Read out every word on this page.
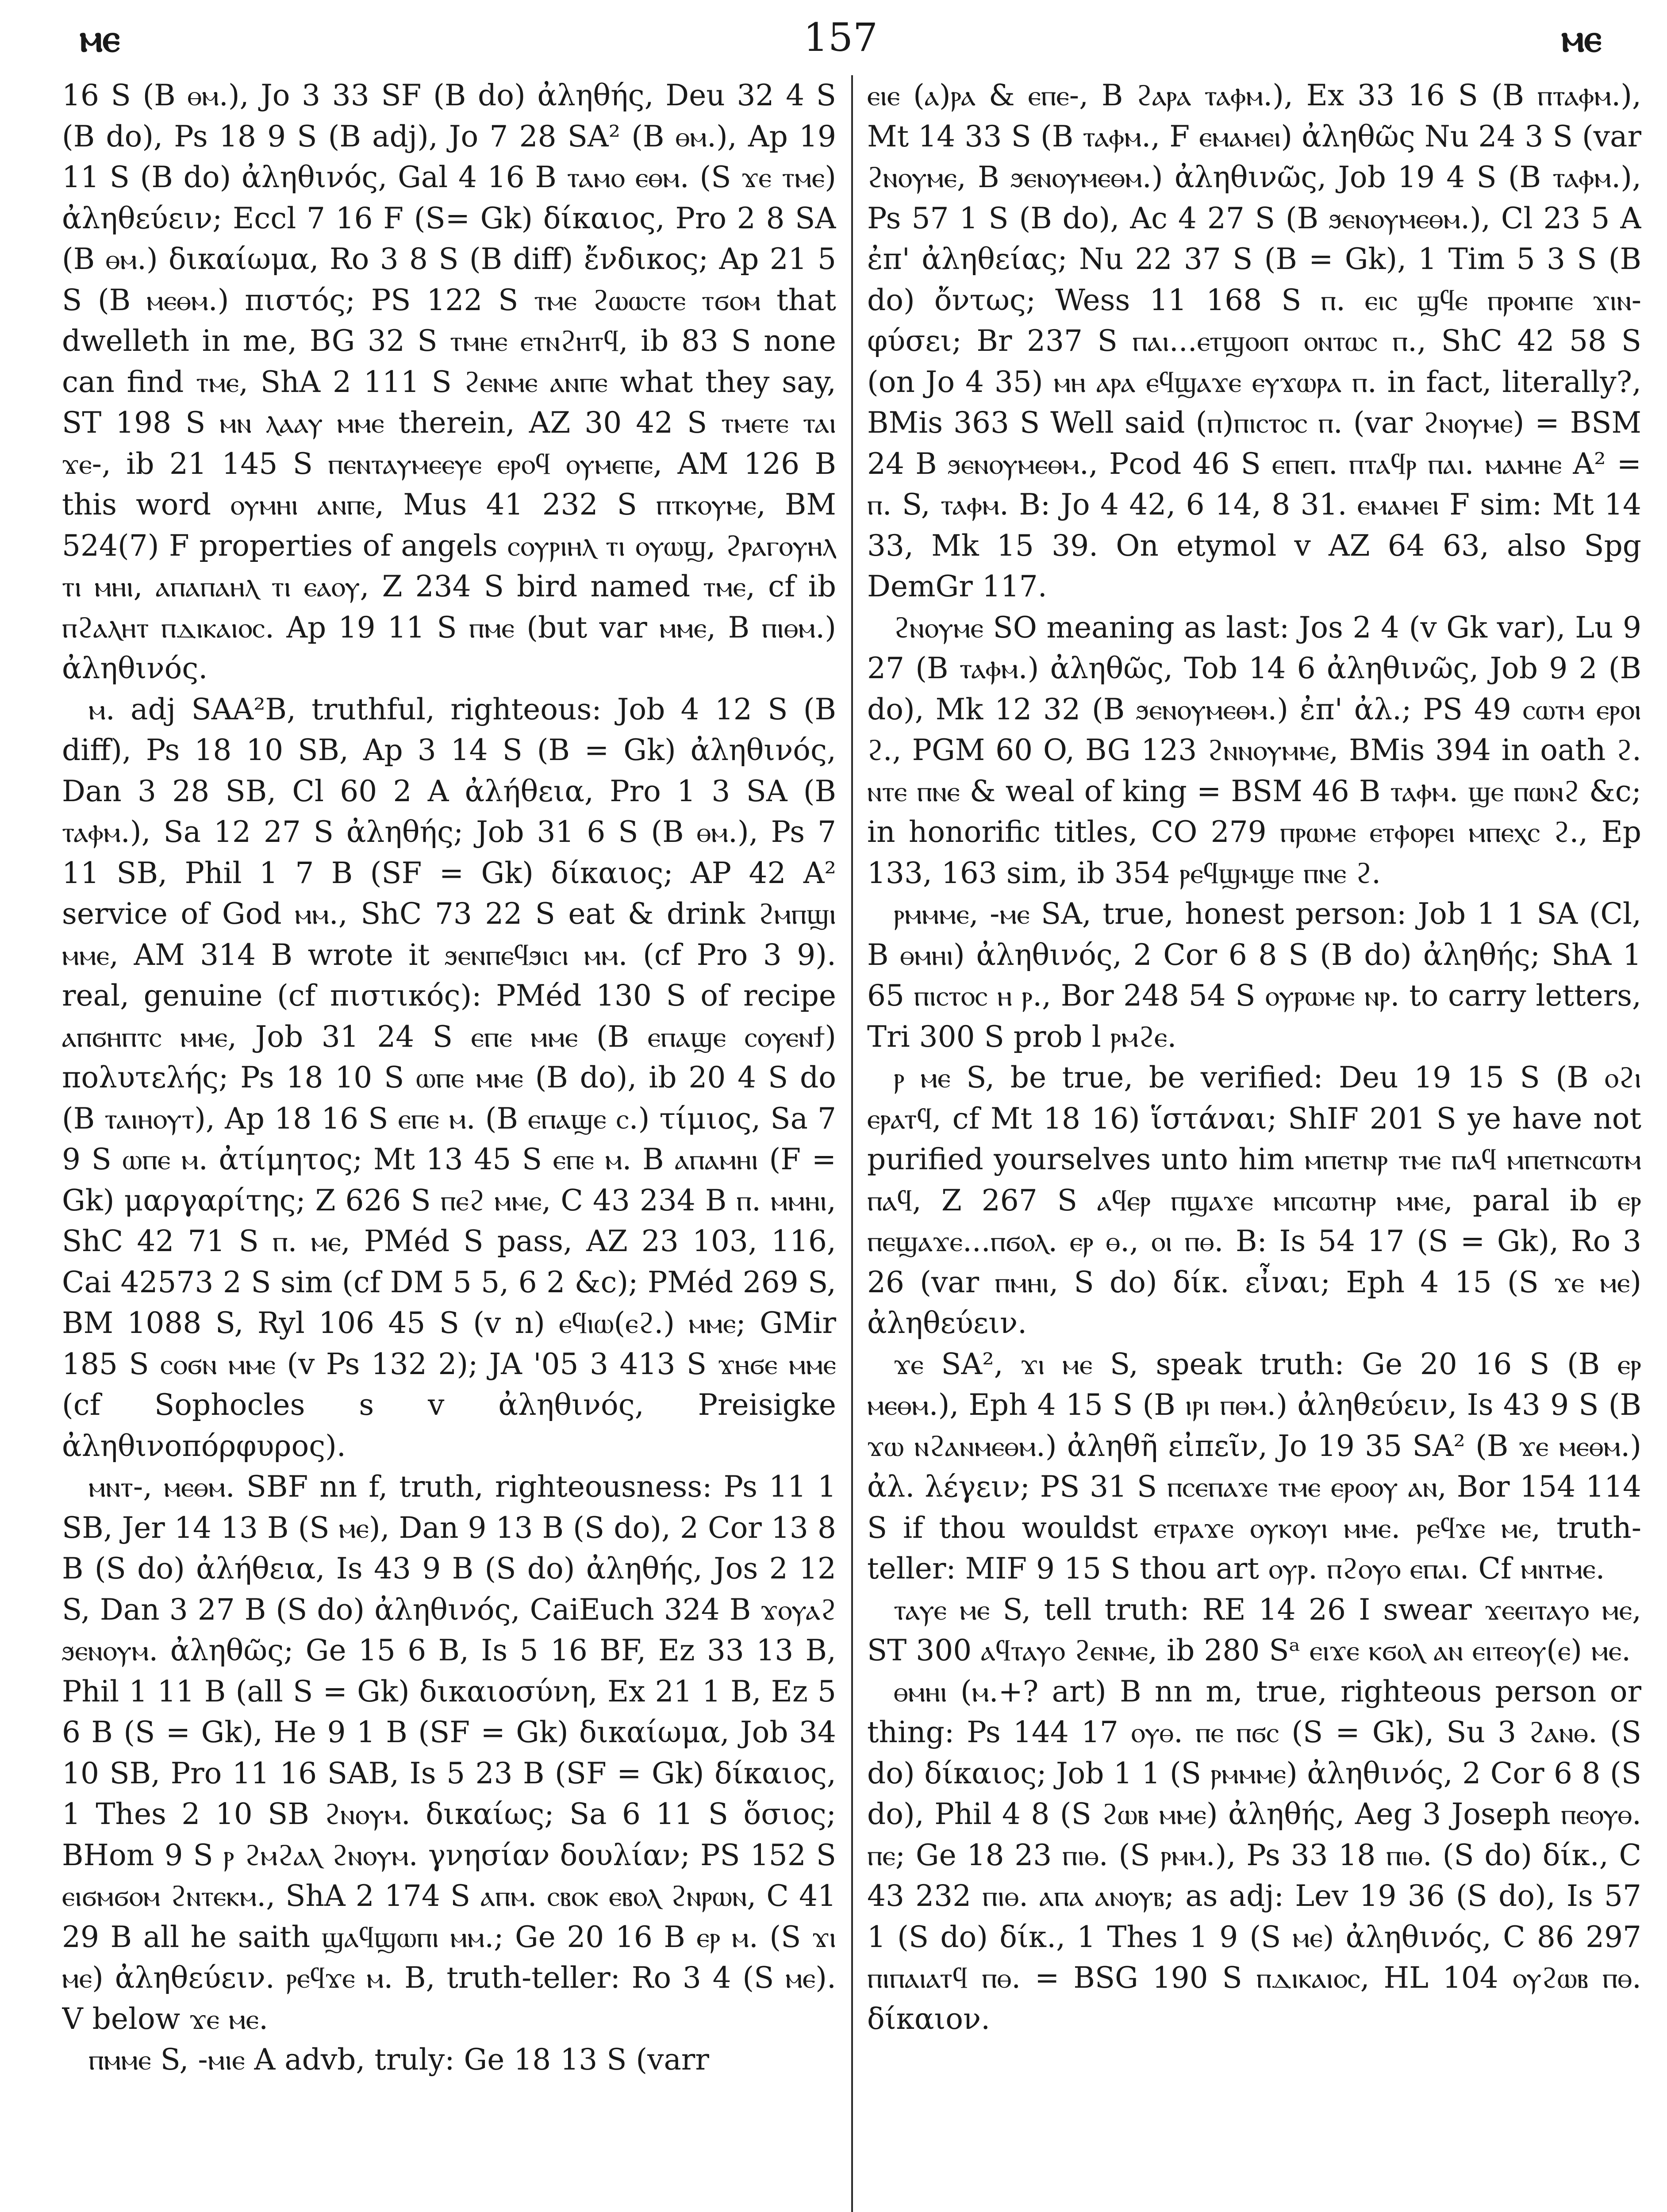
ⲙⲉ	157	ⲙⲉ

16 S (B ⲑⲙ.), Jo 3 33 SF (B do) ἀληθής, Deu 32 4 S (B do), Ps 18 9 S (B adj), Jo 7 28 SA² (B ⲑⲙ.), Ap 19 11 S (B do) ἀληθινός, Gal 4 16 B ⲧⲁⲙⲟ ⲉⲑⲙ. (S ϫⲉ ⲧⲙⲉ) ἀληθεύειν; Eccl 7 16 F (S= Gk) δίκαιος, Pro 2 8 SA (B ⲑⲙ.) δικαίωμα, Ro 3 8 S (B diff) ἔνδικος; Ap 21 5 S (B ⲙⲉⲑⲙ.) πιστός; PS 122 S ⲧⲙⲉ ϩⲱⲱⲥⲧⲉ ⲧϭⲟⲙ that dwelleth in me, BG 32 S ⲧⲙⲏⲉ ⲉⲧⲛϩⲏⲧϥ, ib 83 S none can find ⲧⲙⲉ, ShA 2 111 S ϩⲉⲛⲙⲉ ⲁⲛⲡⲉ what they say, ST 198 S ⲙⲛ ⲗⲁⲁⲩ ⲙⲙⲉ therein, AZ 30 42 S ⲧⲙⲉⲧⲉ ⲧⲁⲓ ϫⲉ-, ib 21 145 S ⲡⲉⲛⲧⲁⲩⲙⲉⲉⲩⲉ ⲉⲣⲟϥ ⲟⲩⲙⲉⲡⲉ, AM 126 B this word ⲟⲩⲙⲏⲓ ⲁⲛⲡⲉ, Mus 41 232 S ⲡⲧⲕⲟⲩⲙⲉ, BM 524(7) F properties of angels ⲥⲟⲩⲣⲓⲏⲗ ⲧⲓ ⲟⲩⲱϣ, ϩⲣⲁⲅⲟⲩⲏⲗ ⲧⲓ ⲙⲏⲓ, ⲁⲡⲁⲡⲁⲏⲗ ⲧⲓ ⲉⲁⲟⲩ, Z 234 S bird named ⲧⲙⲉ, cf ib ⲡϩⲁⲗⲏⲧ ⲡⲇⲓⲕⲁⲓⲟⲥ. Ap 19 11 S ⲡⲙⲉ (but var ⲙⲙⲉ, B ⲡⲓⲑⲙ.) ἀληθινός.

ⲙ. adj SAA²B, truthful, righteous: Job 4 12 S (B diff), Ps 18 10 SB, Ap 3 14 S (B = Gk) ἀληθινός, Dan 3 28 SB, Cl 60 2 A ἀλήθεια, Pro 1 3 SA (B ⲧⲁⲫⲙ.), Sa 12 27 S ἀληθής; Job 31 6 S (B ⲑⲙ.), Ps 7 11 SB, Phil 1 7 B (SF = Gk) δίκαιος; AP 42 A² service of God ⲙⲙ., ShC 73 22 S eat & drink ϩⲙⲡϣⲓ ⲙⲙⲉ, AM 314 B wrote it ϧⲉⲛⲡⲉϥϧⲓⲥⲓ ⲙⲙ. (cf Pro 3 9). real, genuine (cf πιστικός): PMéd 130 S of recipe ⲁⲡϭⲏⲡⲧⲥ ⲙⲙⲉ, Job 31 24 S ⲉⲡⲉ ⲙⲙⲉ (B ⲉⲡⲁϣⲉ ⲥⲟⲩⲉⲛϯ) πολυτελής; Ps 18 10 S ⲱⲡⲉ ⲙⲙⲉ (B do), ib 20 4 S do (B ⲧⲁⲓⲏⲟⲩⲧ), Ap 18 16 S ⲉⲡⲉ ⲙ. (B ⲉⲡⲁϣⲉ ⲥ.) τίμιος, Sa 7 9 S ⲱⲡⲉ ⲙ. ἀτίμητος; Mt 13 45 S ⲉⲡⲉ ⲙ. B ⲁⲡⲁⲙⲏⲓ (F = Gk) μαργαρίτης; Z 626 S ⲡⲉϩ ⲙⲙⲉ, C 43 234 B ⲡ. ⲙⲙⲏⲓ, ShC 42 71 S ⲡ. ⲙⲉ, PMéd S pass, AZ 23 103, 116, Cai 42573 2 S sim (cf DM 5 5, 6 2 &c); PMéd 269 S, BM 1088 S, Ryl 106 45 S (v n) ⲉϥⲓⲱ(ⲉϩ.) ⲙⲙⲉ; GMir 185 S ⲥⲟϭⲛ ⲙⲙⲉ (v Ps 132 2); JA '05 3 413 S ϫⲏϭⲉ ⲙⲙⲉ (cf Sophocles s v ἀληθινός, Preisigke ἀληθινοπόρφυρος).

ⲙⲛⲧ-, ⲙⲉⲑⲙ. SBF nn f, truth, righteousness: Ps 11 1 SB, Jer 14 13 B (S ⲙⲉ), Dan 9 13 B (S do), 2 Cor 13 8 B (S do) ἀλήθεια, Is 43 9 B (S do) ἀληθής, Jos 2 12 S, Dan 3 27 B (S do) ἀληθινός, CaiEuch 324 B ϫⲟⲩⲁϩ ϧⲉⲛⲟⲩⲙ. ἀληθῶς; Ge 15 6 B, Is 5 16 BF, Ez 33 13 B, Phil 1 11 B (all S = Gk) δικαιοσύνη, Ex 21 1 B, Ez 5 6 B (S = Gk), He 9 1 B (SF = Gk) δικαίωμα, Job 34 10 SB, Pro 11 16 SAB, Is 5 23 B (SF = Gk) δίκαιος, 1 Thes 2 10 SB ϩⲛⲟⲩⲙ. δικαίως; Sa 6 11 S ὅσιος; BHom 9 S ⲣ ϩⲙϩⲁⲗ ϩⲛⲟⲩⲙ. γνησίαν δουλίαν; PS 152 S ⲉⲓϭⲙϭⲟⲙ ϩⲛⲧⲉⲕⲙ., ShA 2 174 S ⲁⲡⲙ. ⲥⲃⲟⲕ ⲉⲃⲟⲗ ϩⲛⲣⲱⲛ, C 41 29 B all he saith ϣⲁϥϣⲱⲡⲓ ⲙⲙ.; Ge 20 16 B ⲉⲣ ⲙ. (S ϫⲓ ⲙⲉ) ἀληθεύειν. ⲣⲉϥϫⲉ ⲙ. B, truth-teller: Ro 3 4 (S ⲙⲉ). V below ϫⲉ ⲙⲉ.

ⲡⲙⲙⲉ S, -ⲙⲓⲉ A advb, truly: Ge 18 13 S (varr

ⲉⲓⲉ (ⲁ)ⲣⲁ & ⲉⲡⲉ-, B ϩⲁⲣⲁ ⲧⲁⲫⲙ.), Ex 33 16 S (B ⲡⲧⲁⲫⲙ.), Mt 14 33 S (B ⲧⲁⲫⲙ., F ⲉⲙⲁⲙⲉⲓ) ἀληθῶς Nu 24 3 S (var ϩⲛⲟⲩⲙⲉ, B ϧⲉⲛⲟⲩⲙⲉⲑⲙ.) ἀληθινῶς, Job 19 4 S (B ⲧⲁⲫⲙ.), Ps 57 1 S (B do), Ac 4 27 S (B ϧⲉⲛⲟⲩⲙⲉⲑⲙ.), Cl 23 5 A ἐπ' ἀληθείας; Nu 22 37 S (B = Gk), 1 Tim 5 3 S (B do) ὄντως; Wess 11 168 S ⲡ. ⲉⲓⲥ ϣϥⲉ ⲡⲣⲟⲙⲡⲉ ϫⲓⲛ- φύσει; Br 237 S ⲡⲁⲓ...ⲉⲧϣⲟⲟⲡ ⲟⲛⲧⲱⲥ ⲡ., ShC 42 58 S (on Jo 4 35) ⲙⲏ ⲁⲣⲁ ⲉϥϣⲁϫⲉ ⲉⲩϫⲱⲣⲁ ⲡ. in fact, literally?, BMis 363 S Well said (ⲡ)ⲡⲓⲥⲧⲟⲥ ⲡ. (var ϩⲛⲟⲩⲙⲉ) = BSM 24 B ϧⲉⲛⲟⲩⲙⲉⲑⲙ., Pcod 46 S ⲉⲡⲉⲡ. ⲡⲧⲁϥⲣ ⲡⲁⲓ. ⲙⲁⲙⲏⲉ A² = ⲡ. S, ⲧⲁⲫⲙ. B: Jo 4 42, 6 14, 8 31. ⲉⲙⲁⲙⲉⲓ F sim: Mt 14 33, Mk 15 39. On etymol v AZ 64 63, also Spg DemGr 117.

ϩⲛⲟⲩⲙⲉ SO meaning as last: Jos 2 4 (v Gk var), Lu 9 27 (B ⲧⲁⲫⲙ.) ἀληθῶς, Tob 14 6 ἀληθινῶς, Job 9 2 (B do), Mk 12 32 (B ϧⲉⲛⲟⲩⲙⲉⲑⲙ.) ἐπ' ἀλ.; PS 49 ⲥⲱⲧⲙ ⲉⲣⲟⲓ ϩ., PGM 60 O, BG 123 ϩⲛⲛⲟⲩⲙⲙⲉ, BMis 394 in oath ϩ. ⲛⲧⲉ ⲡⲛⲉ & weal of king = BSM 46 B ⲧⲁⲫⲙ. ϣⲉ ⲡⲱⲛϩ &c; in honorific titles, CO 279 ⲡⲣⲱⲙⲉ ⲉⲧⲫⲟⲣⲉⲓ ⲙⲡⲉⲭⲥ ϩ., Ep 133, 163 sim, ib 354 ⲣⲉϥϣⲙϣⲉ ⲡⲛⲉ ϩ.

ⲣⲙⲙⲙⲉ, -ⲙⲉ SA, true, honest person: Job 1 1 SA (Cl, B ⲑⲙⲏⲓ) ἀληθινός, 2 Cor 6 8 S (B do) ἀληθής; ShA 1 65 ⲡⲓⲥⲧⲟⲥ ⲏ ⲣ., Bor 248 54 S ⲟⲩⲣⲱⲙⲉ ⲛⲣ. to carry letters, Tri 300 S prob l ⲣⲙϩⲉ.

ⲣ ⲙⲉ S, be true, be verified: Deu 19 15 S (B ⲟϩⲓ ⲉⲣⲁⲧϥ, cf Mt 18 16) ἵστάναι; ShIF 201 S ye have not purified yourselves unto him ⲙⲡⲉⲧⲛⲣ ⲧⲙⲉ ⲡⲁϥ ⲙⲡⲉⲧⲛⲥⲱⲧⲙ ⲡⲁϥ, Z 267 S ⲁϥⲉⲣ ⲡϣⲁϫⲉ ⲙⲡⲥⲱⲧⲏⲣ ⲙⲙⲉ, paral ib ⲉⲣ ⲡⲉϣⲁϫⲉ...ⲡϭⲟⲗ. ⲉⲣ ⲑ., ⲟⲓ ⲡⲑ. B: Is 54 17 (S = Gk), Ro 3 26 (var ⲡⲙⲏⲓ, S do) δίκ. εἶναι; Eph 4 15 (S ϫⲉ ⲙⲉ) ἀληθεύειν.

ϫⲉ SA², ϫⲓ ⲙⲉ S, speak truth: Ge 20 16 S (B ⲉⲣ ⲙⲉⲑⲙ.), Eph 4 15 S (B ⲓⲣⲓ ⲡⲑⲙ.) ἀληθεύειν, Is 43 9 S (B ϫⲱ ⲛϩⲁⲛⲙⲉⲑⲙ.) ἀληθῆ εἰπεῖν, Jo 19 35 SA² (B ϫⲉ ⲙⲉⲑⲙ.) ἀλ. λέγειν; PS 31 S ⲡⲥⲉⲡⲁϫⲉ ⲧⲙⲉ ⲉⲣⲟⲟⲩ ⲁⲛ, Bor 154 114 S if thou wouldst ⲉⲧⲣⲁϫⲉ ⲟⲩⲕⲟⲩⲓ ⲙⲙⲉ. ⲣⲉϥϫⲉ ⲙⲉ, truth-teller: MIF 9 15 S thou art ⲟⲩⲣ. ⲡϩⲟⲩⲟ ⲉⲡⲁⲓ. Cf ⲙⲛⲧⲙⲉ.

ⲧⲁⲩⲉ ⲙⲉ S, tell truth: RE 14 26 I swear ϫⲉⲉⲓⲧⲁⲩⲟ ⲙⲉ, ST 300 ⲁϥⲧⲁⲩⲟ ϩⲉⲛⲙⲉ, ib 280 Sᵃ ⲉⲓϫⲉ ⲕϭⲟⲗ ⲁⲛ ⲉⲓⲧⲉⲟⲩ(ⲉ) ⲙⲉ.

ⲑⲙⲏⲓ (ⲙ.+? art) B nn m, true, righteous person or thing: Ps 144 17 ⲟⲩⲑ. ⲡⲉ ⲡϭⲥ (S = Gk), Su 3 ϩⲁⲛⲑ. (S do) δίκαιος; Job 1 1 (S ⲣⲙⲙⲙⲉ) ἀληθινός, 2 Cor 6 8 (S do), Phil 4 8 (S ϩⲱⲃ ⲙⲙⲉ) ἀληθής, Aeg 3 Joseph ⲡⲉⲟⲩⲑ. ⲡⲉ; Ge 18 23 ⲡⲓⲑ. (S ⲣⲙⲙ.), Ps 33 18 ⲡⲓⲑ. (S do) δίκ., C 43 232 ⲡⲓⲑ. ⲁⲡⲁ ⲁⲛⲟⲩⲃ; as adj: Lev 19 36 (S do), Is 57 1 (S do) δίκ., 1 Thes 1 9 (S ⲙⲉ) ἀληθινός, C 86 297 ⲡⲓⲡⲁⲓⲁⲧϥ ⲡⲑ. = BSG 190 S ⲡⲇⲓⲕⲁⲓⲟⲥ, HL 104 ⲟⲩϩⲱⲃ ⲡⲑ. δίκαιον.
